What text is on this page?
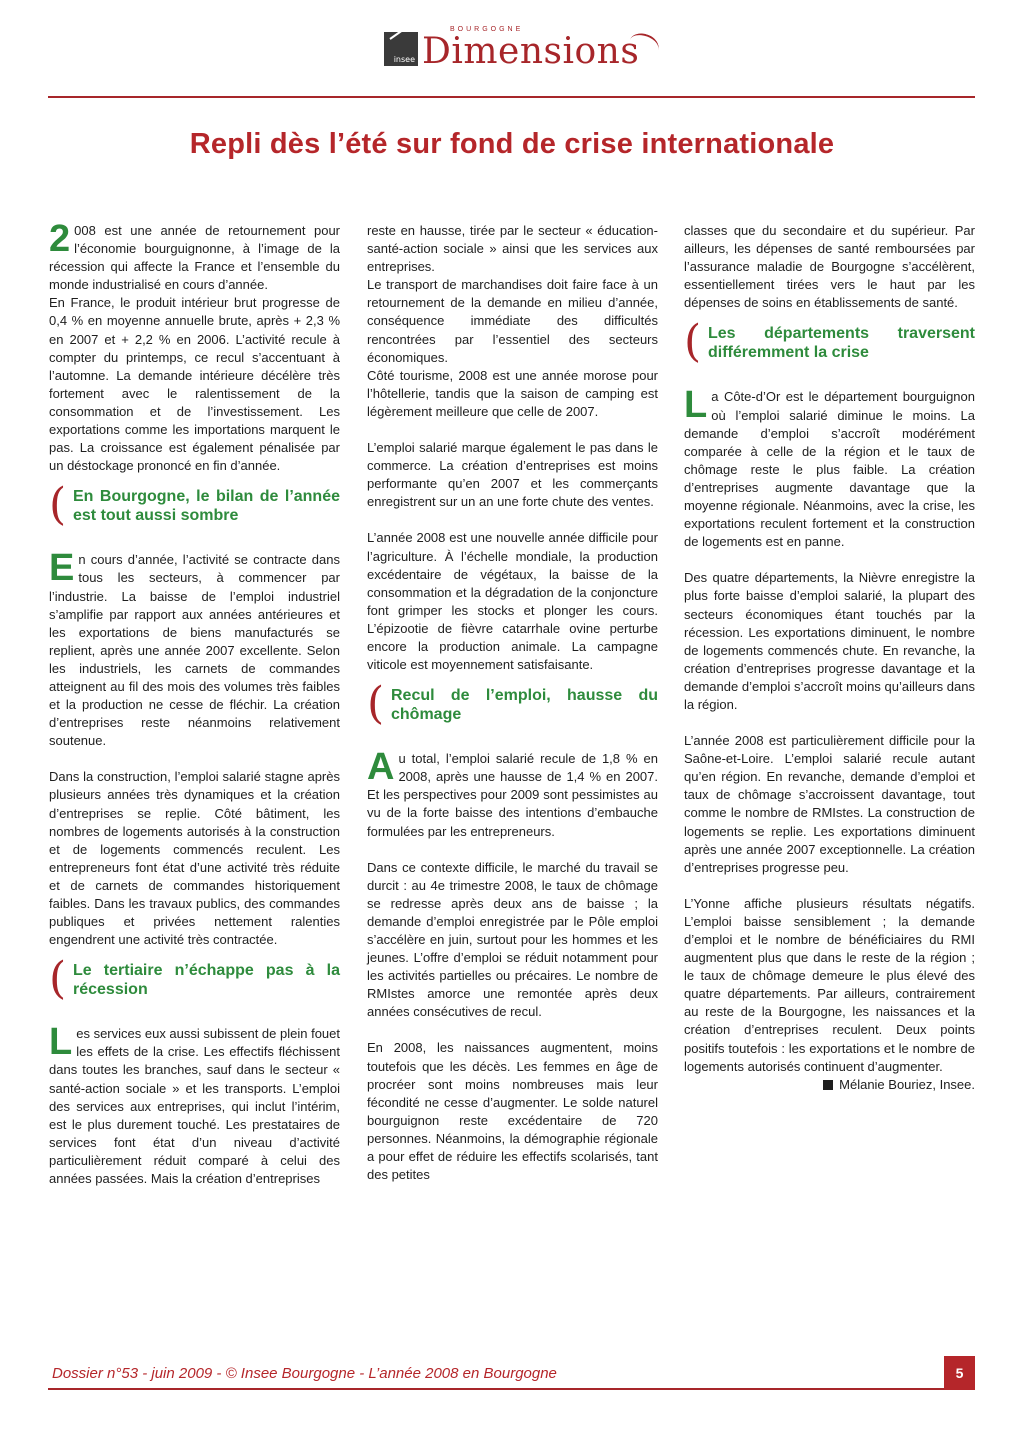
insee
BOURGOGNE
Dimensions
Repli dès l’été sur fond de crise internationale

2 008 est une année de retournement pour l’économie bourguignonne, à l’image de la récession qui affecte la France et l’ensemble du monde industrialisé en cours d’année.

En France, le produit intérieur brut progresse de 0,4 % en moyenne annuelle brute, après + 2,3 % en 2007 et + 2,2 % en 2006. L’activité recule à compter du printemps, ce recul s’accentuant à l’automne. La demande intérieure décélère très fortement avec le ralentissement de la consommation et de l’investissement. Les exportations comme les importations marquent le pas. La croissance est également pénalisée par un déstockage prononcé en fin d’année.

( En Bourgogne, le bilan de l’année est tout aussi sombre

En cours d’année, l’activité se contracte dans tous les secteurs, à commencer par l’industrie. La baisse de l’emploi industriel s’amplifie par rapport aux années antérieures et les exportations de biens manufacturés se replient, après une année 2007 excellente. Selon les industriels, les carnets de commandes atteignent au fil des mois des volumes très faibles et la production ne cesse de fléchir. La création d’entreprises reste néanmoins relativement soutenue.

Dans la construction, l’emploi salarié stagne après plusieurs années très dynamiques et la création d’entreprises se replie. Côté bâtiment, les nombres de logements autorisés à la construction et de logements commencés reculent. Les entrepreneurs font état d’une activité très réduite et de carnets de commandes historiquement faibles. Dans les travaux publics, des commandes publiques et privées nettement ralenties engendrent une activité très contractée.

( Le tertiaire n’échappe pas à la récession

Les services eux aussi subissent de plein fouet les effets de la crise. Les effectifs fléchissent dans toutes les branches, sauf dans le secteur « santé-action sociale » et les transports. L’emploi des services aux entreprises, qui inclut l’intérim, est le plus durement touché. Les prestataires de services font état d’un niveau d’activité particulièrement réduit comparé à celui des années passées. Mais la création d’entreprises

reste en hausse, tirée par le secteur « éducation-santé-action sociale » ainsi que les services aux entreprises.

Le transport de marchandises doit faire face à un retournement de la demande en milieu d’année, conséquence immédiate des difficultés rencontrées par l’essentiel des secteurs économiques.

Côté tourisme, 2008 est une année morose pour l’hôtellerie, tandis que la saison de camping est légèrement meilleure que celle de 2007.

L’emploi salarié marque également le pas dans le commerce. La création d’entreprises est moins performante qu’en 2007 et les commerçants enregistrent sur un an une forte chute des ventes.

L’année 2008 est une nouvelle année difficile pour l’agriculture. À l’échelle mondiale, la production excédentaire de végétaux, la baisse de la consommation et la dégradation de la conjoncture font grimper les stocks et plonger les cours. L’épizootie de fièvre catarrhale ovine perturbe encore la production animale. La campagne viticole est moyennement satisfaisante.

( Recul de l’emploi, hausse du chômage

Au total, l’emploi salarié recule de 1,8 % en 2008, après une hausse de 1,4 % en 2007. Et les perspectives pour 2009 sont pessimistes au vu de la forte baisse des intentions d’embauche formulées par les entrepreneurs.

Dans ce contexte difficile, le marché du travail se durcit : au 4e trimestre 2008, le taux de chômage se redresse après deux ans de baisse ; la demande d’emploi enregistrée par le Pôle emploi s’accélère en juin, surtout pour les hommes et les jeunes. L’offre d’emploi se réduit notamment pour les activités partielles ou précaires. Le nombre de RMIstes amorce une remontée après deux années consécutives de recul.

En 2008, les naissances augmentent, moins toutefois que les décès. Les femmes en âge de procréer sont moins nombreuses mais leur fécondité ne cesse d’augmenter. Le solde naturel bourguignon reste excédentaire de 720 personnes. Néanmoins, la démographie régionale a pour effet de réduire les effectifs scolarisés, tant des petites

classes que du secondaire et du supérieur. Par ailleurs, les dépenses de santé remboursées par l’assurance maladie de Bourgogne s’accélèrent, essentiellement tirées vers le haut par les dépenses de soins en établissements de santé.

( Les départements traversent différemment la crise

La Côte-d’Or est le département bourguignon où l’emploi salarié diminue le moins. La demande d’emploi s’accroît modérément comparée à celle de la région et le taux de chômage reste le plus faible. La création d’entreprises augmente davantage que la moyenne régionale. Néanmoins, avec la crise, les exportations reculent fortement et la construction de logements est en panne.

Des quatre départements, la Nièvre enregistre la plus forte baisse d’emploi salarié, la plupart des secteurs économiques étant touchés par la récession. Les exportations diminuent, le nombre de logements commencés chute. En revanche, la création d’entreprises progresse davantage et la demande d’emploi s’accroît moins qu’ailleurs dans la région.

L’année 2008 est particulièrement difficile pour la Saône-et-Loire. L’emploi salarié recule autant qu’en région. En revanche, demande d’emploi et taux de chômage s’accroissent davantage, tout comme le nombre de RMIstes. La construction de logements se replie. Les exportations diminuent après une année 2007 exceptionnelle. La création d’entreprises progresse peu.

L’Yonne affiche plusieurs résultats négatifs. L’emploi baisse sensiblement ; la demande d’emploi et le nombre de bénéficiaires du RMI augmentent plus que dans le reste de la région ; le taux de chômage demeure le plus élevé des quatre départements. Par ailleurs, contrairement au reste de la Bourgogne, les naissances et la création d’entreprises reculent. Deux points positifs toutefois : les exportations et le nombre de logements autorisés continuent d’augmenter.

Mélanie Bouriez, Insee.

Dossier n°53 - juin 2009 - © Insee Bourgogne - L’année 2008 en Bourgogne	5
